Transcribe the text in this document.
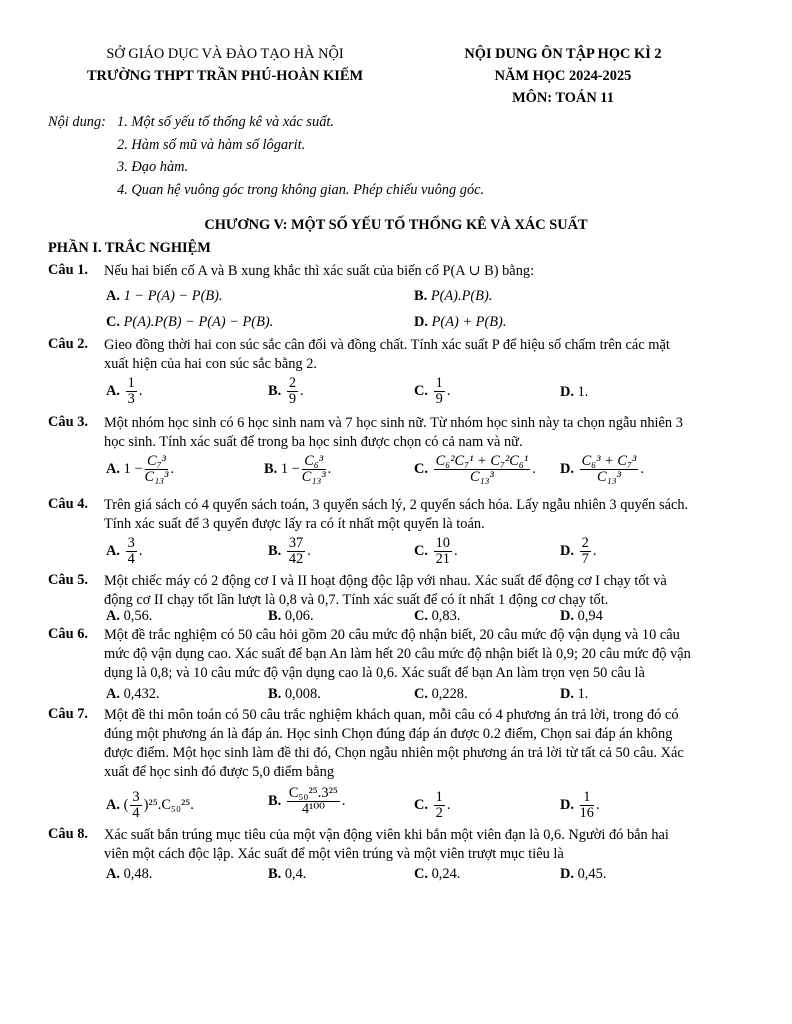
SỞ GIÁO DỤC VÀ ĐÀO TẠO HÀ NỘI
TRƯỜNG THPT TRẦN PHÚ-HOÀN KIẾM
NỘI DUNG ÔN TẬP HỌC KÌ 2
NĂM HỌC 2024-2025
MÔN: TOÁN 11
Nội dung: 1. Một số yếu tố thống kê và xác suất.
2. Hàm số mũ và hàm số lôgarit.
3. Đạo hàm.
4. Quan hệ vuông góc trong không gian. Phép chiếu vuông góc.
CHƯƠNG V: MỘT SỐ YẾU TỐ THỐNG KÊ VÀ XÁC SUẤT
PHẦN I. TRẮC NGHIỆM
Câu 1. Nếu hai biến cố A và B xung khắc thì xác suất của biến cố P(A ∪ B) bằng:
A. 1 − P(A) − P(B).	B. P(A).P(B).
C. P(A).P(B) − P(A) − P(B).	D. P(A) + P(B).
Câu 2. Gieo đồng thời hai con súc sắc cân đối và đồng chất. Tính xác suất P để hiệu số chấm trên các mặt
xuất hiện của hai con súc sắc bằng 2.
A. $\frac{1}{3}$ .	B. $\frac{2}{9}$ .	C. $\frac{1}{9}$ .	D. 1.
Câu 3. Một nhóm học sinh có 6 học sinh nam và 7 học sinh nữ. Từ nhóm học sinh này ta chọn ngẫu nhiên 3
học sinh. Tính xác suất để trong ba học sinh được chọn có cả nam và nữ.
A. $1 - \frac{\text{C₇³}}{\text{C₁₃³}}$ .	B. $1 - \frac{\text{C₆³}}{\text{C₁₃³}}$ .	C. $\frac{\text{C₆²C₇¹ + C₇²C₆¹}}{\text{C₁₃³}}$ . D. $\frac{\text{C₆³ + C₇³}}{\text{C₁₃³}}$ .
Câu 4. Trên giá sách có 4 quyển sách toán, 3 quyển sách lý, 2 quyển sách hóa. Lấy ngẫu nhiên 3 quyển sách.
Tính xác suất để 3 quyển được lấy ra có ít nhất một quyển là toán.
A. $\frac{3}{4}$ .	B. $\frac{37}{42}$ .	C. $\frac{10}{21}$ .	D. $\frac{2}{7}$ .
Câu 5. Một chiếc máy có 2 động cơ I và II hoạt động độc lập với nhau. Xác suất để động cơ I chạy tốt và
động cơ II chạy tốt lần lượt là 0,8 và 0,7. Tính xác suất để có ít nhất 1 động cơ chạy tốt.
A. 0,56.	B. 0,06.	C. 0,83.	D. 0,94
Câu 6. Một đề trắc nghiệm có 50 câu hỏi gồm 20 câu mức độ nhận biết, 20 câu mức độ vận dụng và 10 câu
mức độ vận dụng cao. Xác suất để bạn An làm hết 20 câu mức độ nhận biết là 0,9; 20 câu mức độ vận
dụng là 0,8; và 10 câu mức độ vận dụng cao là 0,6. Xác suất để bạn An làm trọn vẹn 50 câu là
A. 0,432.	B. 0,008.	C. 0,228.	D. 1.
Câu 7. Một đề thi môn toán có 50 câu trắc nghiệm khách quan, mỗi câu có 4 phương án trả lời, trong đó có
đúng một phương án là đáp án. Học sinh Chọn đúng đáp án được 0.2 điểm, Chọn sai đáp án không
được điểm. Một học sinh làm đề thi đó, Chọn ngẫu nhiên một phương án trả lời từ tất cả 50 câu. Xác
xuất để học sinh đó được 5,0 điểm bằng
A. ( $\frac{3}{4} )^{25}.C_{50}^{25}$.	B. $\frac{\text{C₅₀²⁵.3²⁵}}{\text{4¹⁰⁰}}$ .	C. $\frac{1}{2}$ .	D. $\frac{1}{16}$ .
Câu 8. Xác suất bắn trúng mục tiêu của một vận động viên khi bắn một viên đạn là 0,6. Người đó bắn hai
viên một cách độc lập. Xác suất để một viên trúng và một viên trượt mục tiêu là
A. 0,48.	B. 0,4.	C. 0,24.	D. 0,45.
